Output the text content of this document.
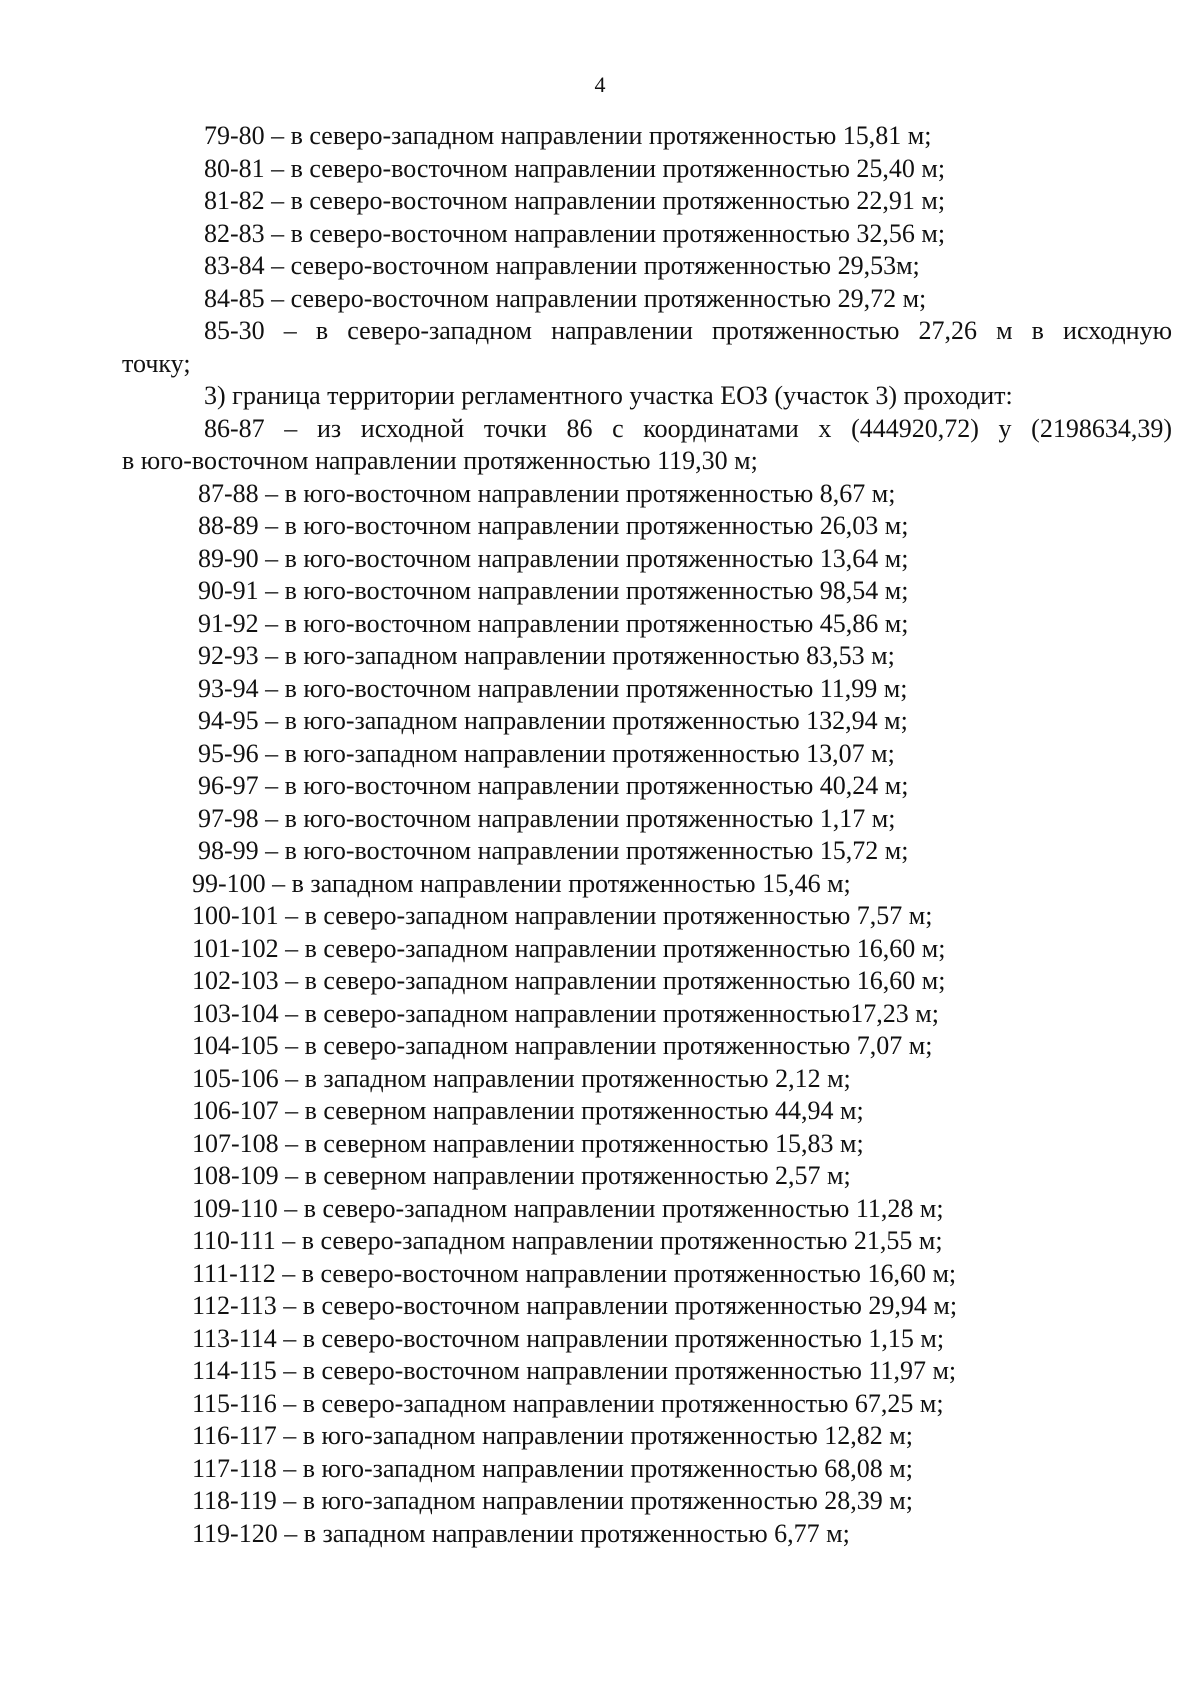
4
79-80 – в северо-западном направлении протяженностью 15,81 м;
80-81 – в северо-восточном направлении протяженностью 25,40 м;
81-82 – в северо-восточном направлении протяженностью 22,91 м;
82-83 – в северо-восточном направлении протяженностью 32,56 м;
83-84 – северо-восточном направлении протяженностью 29,53м;
84-85 – северо-восточном направлении протяженностью 29,72 м;
85-30 – в северо-западном направлении протяженностью 27,26 м в исходную
точку;
3) граница территории регламентного участка ЕОЗ (участок 3) проходит:
86-87 – из исходной точки 86 с координатами х (444920,72) у (2198634,39)
в юго-восточном направлении протяженностью 119,30 м;
87-88 – в юго-восточном направлении протяженностью 8,67 м;
88-89 – в юго-восточном направлении протяженностью 26,03 м;
89-90 – в юго-восточном направлении протяженностью 13,64 м;
90-91 – в юго-восточном направлении протяженностью 98,54 м;
91-92 – в юго-восточном направлении протяженностью 45,86 м;
92-93 – в юго-западном направлении протяженностью 83,53 м;
93-94 – в юго-восточном направлении протяженностью 11,99 м;
94-95 – в юго-западном направлении протяженностью 132,94 м;
95-96 – в юго-западном направлении протяженностью 13,07 м;
96-97 – в юго-восточном направлении протяженностью 40,24 м;
97-98 – в юго-восточном направлении протяженностью 1,17 м;
98-99 – в юго-восточном направлении протяженностью 15,72 м;
99-100 – в западном направлении протяженностью 15,46 м;
100-101 – в северо-западном направлении протяженностью 7,57 м;
101-102 – в северо-западном направлении протяженностью 16,60 м;
102-103 – в северо-западном направлении протяженностью 16,60 м;
103-104 – в северо-западном направлении протяженностью17,23 м;
104-105 – в северо-западном направлении протяженностью 7,07 м;
105-106 – в западном направлении протяженностью 2,12 м;
106-107 – в северном направлении протяженностью 44,94 м;
107-108 – в северном направлении протяженностью 15,83 м;
108-109 – в северном направлении протяженностью 2,57 м;
109-110 – в северо-западном направлении протяженностью 11,28 м;
110-111 – в северо-западном направлении протяженностью 21,55 м;
111-112 – в северо-восточном направлении протяженностью 16,60 м;
112-113 – в северо-восточном направлении протяженностью 29,94 м;
113-114 – в северо-восточном направлении протяженностью 1,15 м;
114-115 – в северо-восточном направлении протяженностью 11,97 м;
115-116 – в северо-западном направлении протяженностью 67,25 м;
116-117 – в юго-западном направлении протяженностью 12,82 м;
117-118 – в юго-западном направлении протяженностью 68,08 м;
118-119 – в юго-западном направлении протяженностью 28,39 м;
119-120 – в западном направлении протяженностью 6,77 м;
